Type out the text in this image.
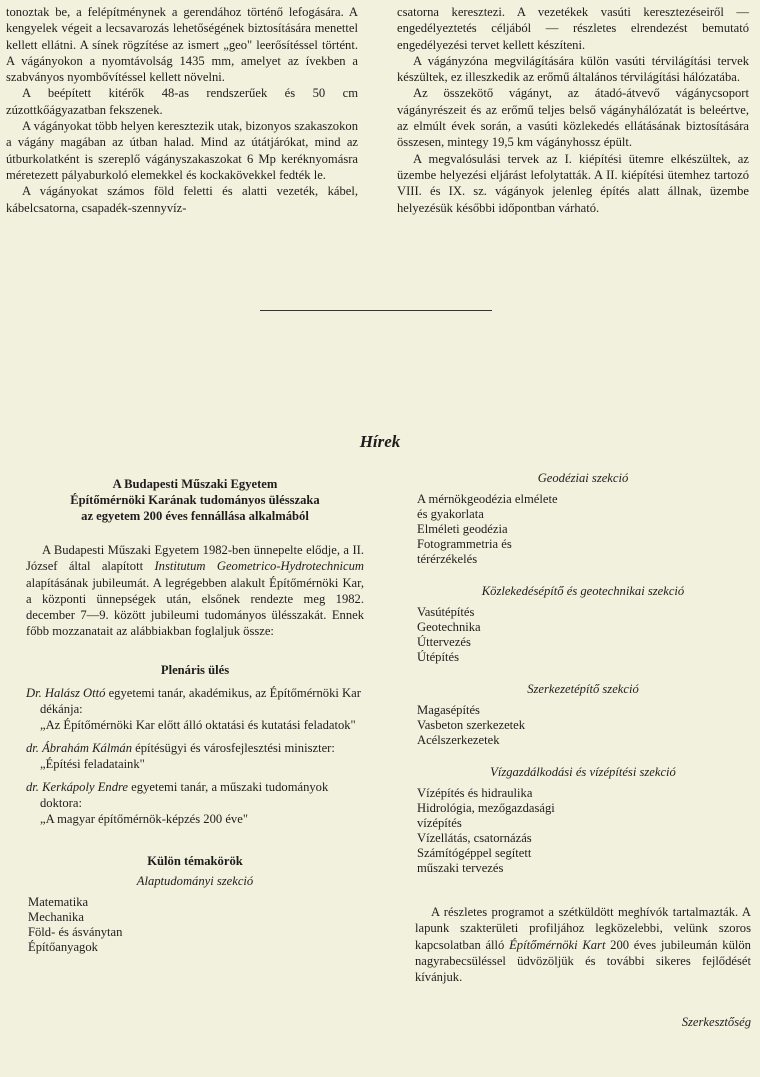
tonoztak be, a felépítménynek a gerendához történő lefogására. A kengyelek végeit a lecsavarozás lehetőségének biztosítására menettel kellett ellátni. A sínek rögzítése az ismert „geo" leerősítéssel történt. A vágányokon a nyomtávolság 1435 mm, amelyet az ívekben a szabványos nyombővítéssel kellett növelni.

A beépített kitérők 48-as rendszerűek és 50 cm zúzottkőágyazatban fekszenek.

A vágányokat több helyen keresztezik utak, bizonyos szakaszokon a vágány magában az útban halad. Mind az útátjárókat, mind az útburkolatként is szereplő vágányszakaszokat 6 Mp keréknyomásra méretezett pályaburkoló elemekkel és kockakövekkel fedték le.

A vágányokat számos föld feletti és alatti vezeték, kábel, kábelcsatorna, csapadék-szennyvíz-

csatorna keresztezi. A vezetékek vasúti keresztezéseiről — engedélyeztetés céljából — részletes elrendezést bemutató engedélyezési tervet kellett készíteni.

A vágányzóna megvilágítására külön vasúti térvilágítási tervek készültek, ez illeszkedik az erőmű általános térvilágítási hálózatába.

Az összekötő vágányt, az átadó-átvevő vágánycsoport vágányrészeit és az erőmű teljes belső vágányhálózatát is beleértve, az elmúlt évek során, a vasúti közlekedés ellátásának biztosítására összesen, mintegy 19,5 km vágányhossz épült.

A megvalósulási tervek az I. kiépítési ütemre elkészültek, az üzembe helyezési eljárást lefolytatták. A II. kiépítési ütemhez tartozó VIII. és IX. sz. vágányok jelenleg építés alatt állnak, üzembe helyezésük későbbi időpontban várható.

Hírek
A Budapesti Műszaki Egyetem
Építőmérnöki Karának tudományos ülésszaka
az egyetem 200 éves fennállása alkalmából

A Budapesti Műszaki Egyetem 1982-ben ünnepelte elődje, a II. József által alapított Institutum Geometrico-Hydrotechnicum alapításának jubileumát. A legrégebben alakult Építőmérnöki Kar, a központi ünnepségek után, elsőnek rendezte meg 1982. december 7—9. között jubileumi tudományos ülésszakát. Ennek főbb mozzanatait az alábbiakban foglaljuk össze:

Plenáris ülés
Dr. Halász Ottó egyetemi tanár, akadémikus, az Építőmérnöki Kar dékánja:
„Az Építőmérnöki Kar előtt álló oktatási és kutatási feladatok"
dr. Ábrahám Kálmán építésügyi és városfejlesztési miniszter:
„Építési feladataink"
dr. Kerkápoly Endre egyetemi tanár, a műszaki tudományok doktora:
„A magyar építőmérnök-képzés 200 éve"
Külön témakörök
Alaptudományi szekció
Matematika
Mechanika
Föld- és ásványtan
Építőanyagok
Geodéziai szekció
A mérnökgeodézia elmélete
és gyakorlata
Elméleti geodézia
Fotogrammetria és
térérzékelés
Közlekedésépítő és geotechnikai szekció
Vasútépítés
Geotechnika
Úttervezés
Útépítés
Szerkezetépítő szekció
Magasépítés
Vasbeton szerkezetek
Acélszerkezetek
Vízgazdálkodási és vízépítési szekció
Vízépítés és hidraulika
Hidrológia, mezőgazdasági
vízépítés
Vízellátás, csatornázás
Számítógéppel segített
műszaki tervezés

A részletes programot a szétküldött meghívók tartalmazták. A lapunk szakterületi profiljához legközelebbi, velünk szoros kapcsolatban álló Építőmérnöki Kart 200 éves jubileumán külön nagyrabecsüléssel üdvözöljük és további sikeres fejlődését kívánjuk.

Szerkesztőség
